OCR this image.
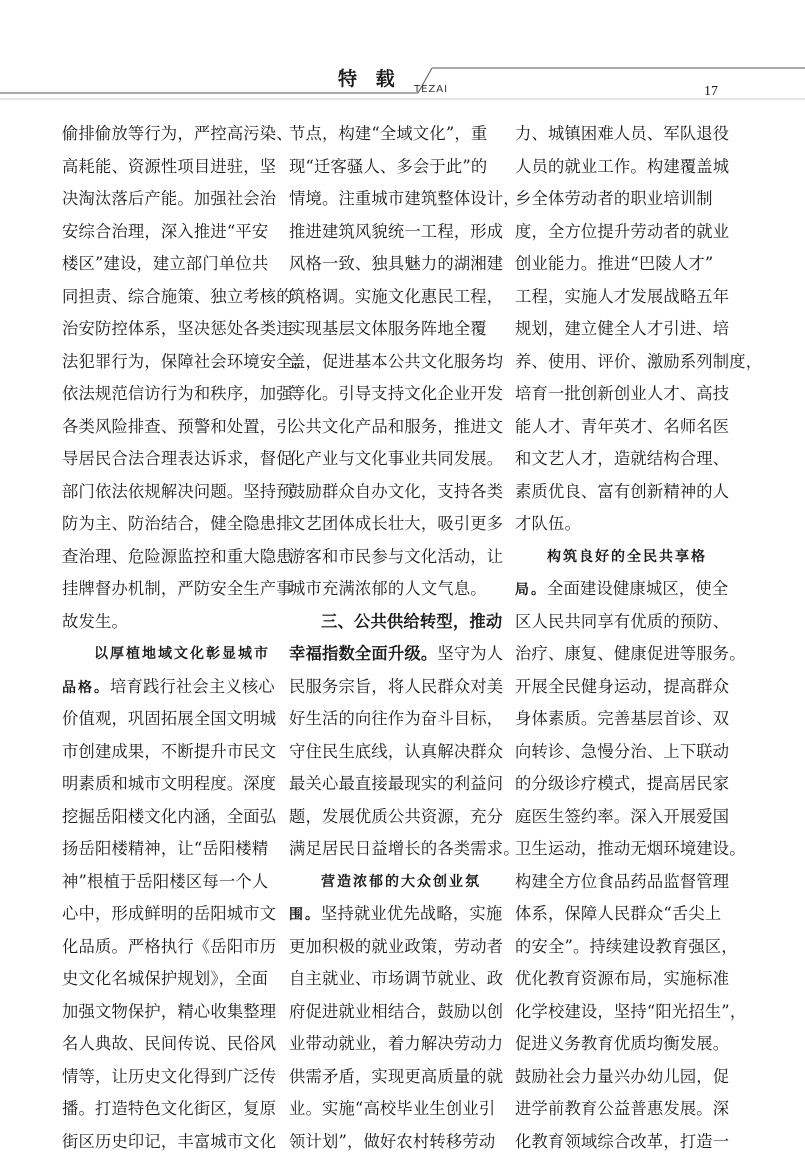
特 载 TEZAI	17
偷排偷放等行为，严控高污染、
高耗能、资源性项目进驻，坚
决淘汰落后产能。加强社会治
安综合治理，深入推进“平安
楼区”建设，建立部门单位共
同担责、综合施策、独立考核的
治安防控体系，坚决惩处各类违
法犯罪行为，保障社会环境安全。
依法规范信访行为和秩序，加强
各类风险排查、预警和处置，引
导居民合法合理表达诉求，督促
部门依法依规解决问题。坚持预
防为主、防治结合，健全隐患排
查治理、危险源监控和重大隐患
挂牌督办机制，严防安全生产事
故发生。
以厚植地域文化彰显城市
品格。培育践行社会主义核心
价值观，巩固拓展全国文明城
市创建成果，不断提升市民文
明素质和城市文明程度。深度
挖掘岳阳楼文化内涵，全面弘
扬岳阳楼精神，让“岳阳楼精
神”根植于岳阳楼区每一个人
心中，形成鲜明的岳阳城市文
化品质。严格执行《岳阳市历
史文化名城保护规划》，全面
加强文物保护，精心收集整理
名人典故、民间传说、民俗风
情等，让历史文化得到广泛传
播。打造特色文化街区，复原
街区历史印记，丰富城市文化
节点，构建“全域文化”，重
现“迁客骚人、多会于此”的
情境。注重城市建筑整体设计，
推进建筑风貌统一工程，形成
风格一致、独具魅力的湖湘建
筑格调。实施文化惠民工程，
实现基层文体服务阵地全覆
盖，促进基本公共文化服务均
等化。引导支持文化企业开发
公共文化产品和服务，推进文
化产业与文化事业共同发展。
鼓励群众自办文化，支持各类
文艺团体成长壮大，吸引更多
游客和市民参与文化活动，让
城市充满浓郁的人文气息。
三、公共供给转型，推动
幸福指数全面升级。坚守为人
民服务宗旨，将人民群众对美
好生活的向往作为奋斗目标，
守住民生底线，认真解决群众
最关心最直接最现实的利益问
题，发展优质公共资源，充分
满足居民日益增长的各类需求。
营造浓郁的大众创业氛
围。坚持就业优先战略，实施
更加积极的就业政策，劳动者
自主就业、市场调节就业、政
府促进就业相结合，鼓励以创
业带动就业，着力解决劳动力
供需矛盾，实现更高质量的就
业。实施“高校毕业生创业引
领计划”，做好农村转移劳动
力、城镇困难人员、军队退役
人员的就业工作。构建覆盖城
乡全体劳动者的职业培训制
度，全方位提升劳动者的就业
创业能力。推进“巴陵人才”
工程，实施人才发展战略五年
规划，建立健全人才引进、培
养、使用、评价、激励系列制度，
培育一批创新创业人才、高技
能人才、青年英才、名师名医
和文艺人才，造就结构合理、
素质优良、富有创新精神的人
才队伍。
构筑良好的全民共享格
局。全面建设健康城区，使全
区人民共同享有优质的预防、
治疗、康复、健康促进等服务。
开展全民健身运动，提高群众
身体素质。完善基层首诊、双
向转诊、急慢分治、上下联动
的分级诊疗模式，提高居民家
庭医生签约率。深入开展爱国
卫生运动，推动无烟环境建设。
构建全方位食品药品监督管理
体系，保障人民群众“舌尖上
的安全”。持续建设教育强区，
优化教育资源布局，实施标准
化学校建设，坚持“阳光招生”，
促进义务教育优质均衡发展。
鼓励社会力量兴办幼儿园，促
进学前教育公益普惠发展。深
化教育领域综合改革，打造一
